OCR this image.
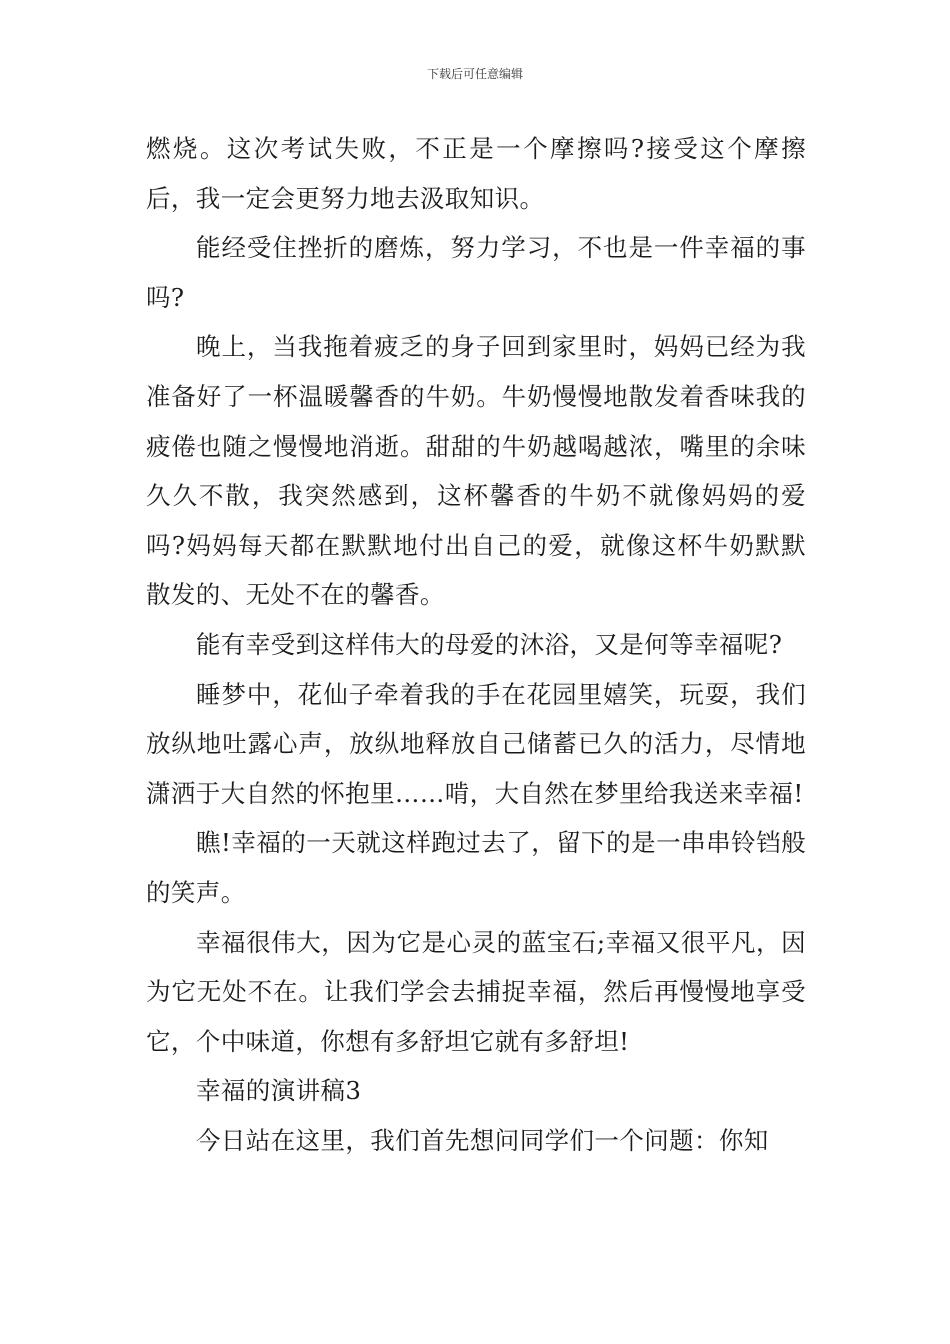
下载后可任意编辑

燃烧。这次考试失败，不正是一个摩擦吗?接受这个摩擦后，我一定会更努力地去汲取知识。

能经受住挫折的磨炼，努力学习，不也是一件幸福的事吗?

晚上，当我拖着疲乏的身子回到家里时，妈妈已经为我准备好了一杯温暖馨香的牛奶。牛奶慢慢地散发着香味我的疲倦也随之慢慢地消逝。甜甜的牛奶越喝越浓，嘴里的余味久久不散，我突然感到，这杯馨香的牛奶不就像妈妈的爱吗?妈妈每天都在默默地付出自己的爱，就像这杯牛奶默默散发的、无处不在的馨香。

能有幸受到这样伟大的母爱的沐浴，又是何等幸福呢?

睡梦中，花仙子牵着我的手在花园里嬉笑，玩耍，我们放纵地吐露心声，放纵地释放自己储蓄已久的活力，尽情地潇洒于大自然的怀抱里……啃，大自然在梦里给我送来幸福!

瞧!幸福的一天就这样跑过去了，留下的是一串串铃铛般的笑声。

幸福很伟大，因为它是心灵的蓝宝石;幸福又很平凡，因为它无处不在。让我们学会去捕捉幸福，然后再慢慢地享受它，个中味道，你想有多舒坦它就有多舒坦!

幸福的演讲稿3

今日站在这里，我们首先想问同学们一个问题：你知
